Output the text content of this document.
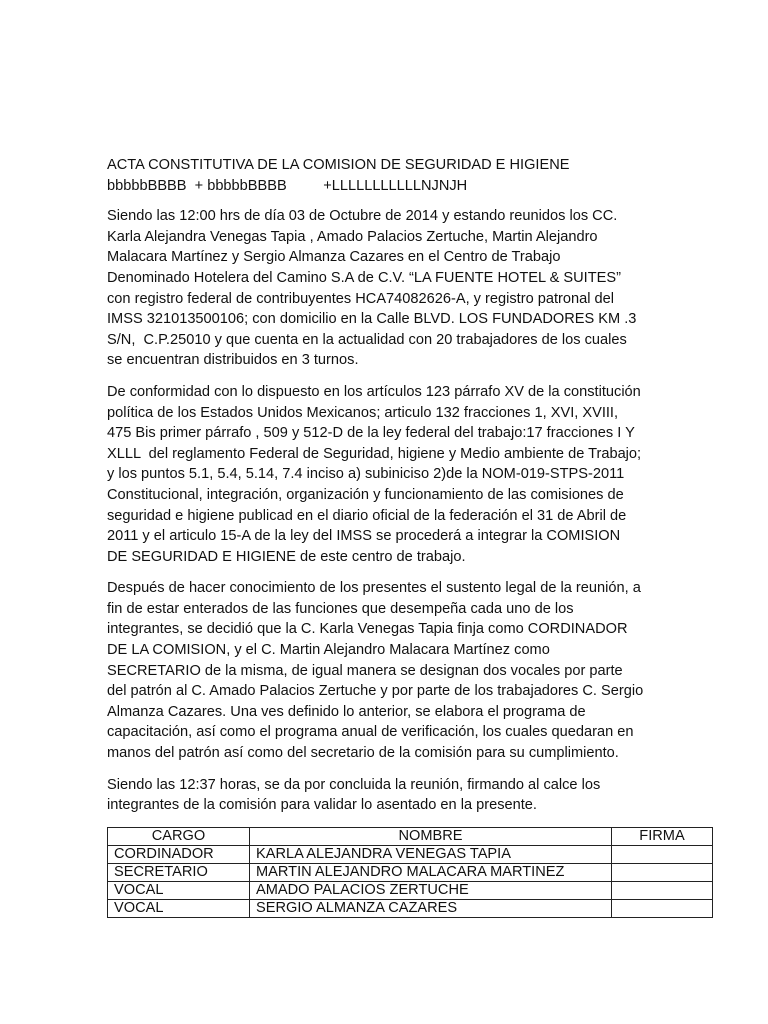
ACTA CONSTITUTIVA DE LA COMISION DE SEGURIDAD E HIGIENE
bbbbbBBBB  + bbbbbBBBB         +LLLLLLLLLLLNJNJH

Siendo las 12:00 hrs de día 03 de Octubre de 2014 y estando reunidos los CC.
Karla Alejandra Venegas Tapia , Amado Palacios Zertuche, Martin Alejandro
Malacara Martínez y Sergio Almanza Cazares en el Centro de Trabajo
Denominado Hotelera del Camino S.A de C.V. “LA FUENTE HOTEL & SUITES”
con registro federal de contribuyentes HCA74082626-A, y registro patronal del
IMSS 321013500106; con domicilio en la Calle BLVD. LOS FUNDADORES KM .3
S/N,  C.P.25010 y que cuenta en la actualidad con 20 trabajadores de los cuales
se encuentran distribuidos en 3 turnos.

De conformidad con lo dispuesto en los artículos 123 párrafo XV de la constitución
política de los Estados Unidos Mexicanos; articulo 132 fracciones 1, XVI, XVIII,
475 Bis primer párrafo , 509 y 512-D de la ley federal del trabajo:17 fracciones I Y
XLLL  del reglamento Federal de Seguridad, higiene y Medio ambiente de Trabajo;
y los puntos 5.1, 5.4, 5.14, 7.4 inciso a) subiniciso 2)de la NOM-019-STPS-2011
Constitucional, integración, organización y funcionamiento de las comisiones de
seguridad e higiene publicad en el diario oficial de la federación el 31 de Abril de
2011 y el articulo 15-A de la ley del IMSS se procederá a integrar la COMISION
DE SEGURIDAD E HIGIENE de este centro de trabajo.

Después de hacer conocimiento de los presentes el sustento legal de la reunión, a
fin de estar enterados de las funciones que desempeña cada uno de los
integrantes, se decidió que la C. Karla Venegas Tapia finja como CORDINADOR
DE LA COMISION, y el C. Martin Alejandro Malacara Martínez como
SECRETARIO de la misma, de igual manera se designan dos vocales por parte
del patrón al C. Amado Palacios Zertuche y por parte de los trabajadores C. Sergio
Almanza Cazares. Una ves definido lo anterior, se elabora el programa de
capacitación, así como el programa anual de verificación, los cuales quedaran en
manos del patrón así como del secretario de la comisión para su cumplimiento.

Siendo las 12:37 horas, se da por concluida la reunión, firmando al calce los
integrantes de la comisión para validar lo asentado en la presente.

CARGO	NOMBRE	FIRMA
CORDINADOR	KARLA ALEJANDRA VENEGAS TAPIA	
SECRETARIO	MARTIN ALEJANDRO MALACARA MARTINEZ	
VOCAL	AMADO PALACIOS ZERTUCHE	
VOCAL	SERGIO ALMANZA CAZARES	
